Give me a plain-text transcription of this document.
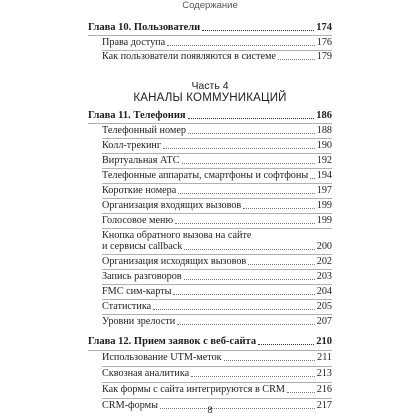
Содержание
Глава 10. Пользователи	174
Права доступа	176
Как пользователи появляются в системе	179
Часть 4
КАНАЛЫ КОММУНИКАЦИЙ
Глава 11. Телефония	186
Телефонный номер	188
Колл-трекинг	190
Виртуальная АТС	192
Телефонные аппараты, смартфоны и софтфоны 194
Короткие номера	197
Организация входящих вызовов	199
Голосовое меню	199
Кнопка обратного вызова на сайте
и сервисы callback	200
Организация исходящих вызовов	202
Запись разговоров	203
FMC сим-карты	204
Статистика	205
Уровни зрелости	207
Глава 12. Прием заявок с веб-сайта	210
Использование UTM-меток	211
Сквозная аналитика	213
Как формы с сайта интегрируются в CRM	216
CRM-формы	217
8
